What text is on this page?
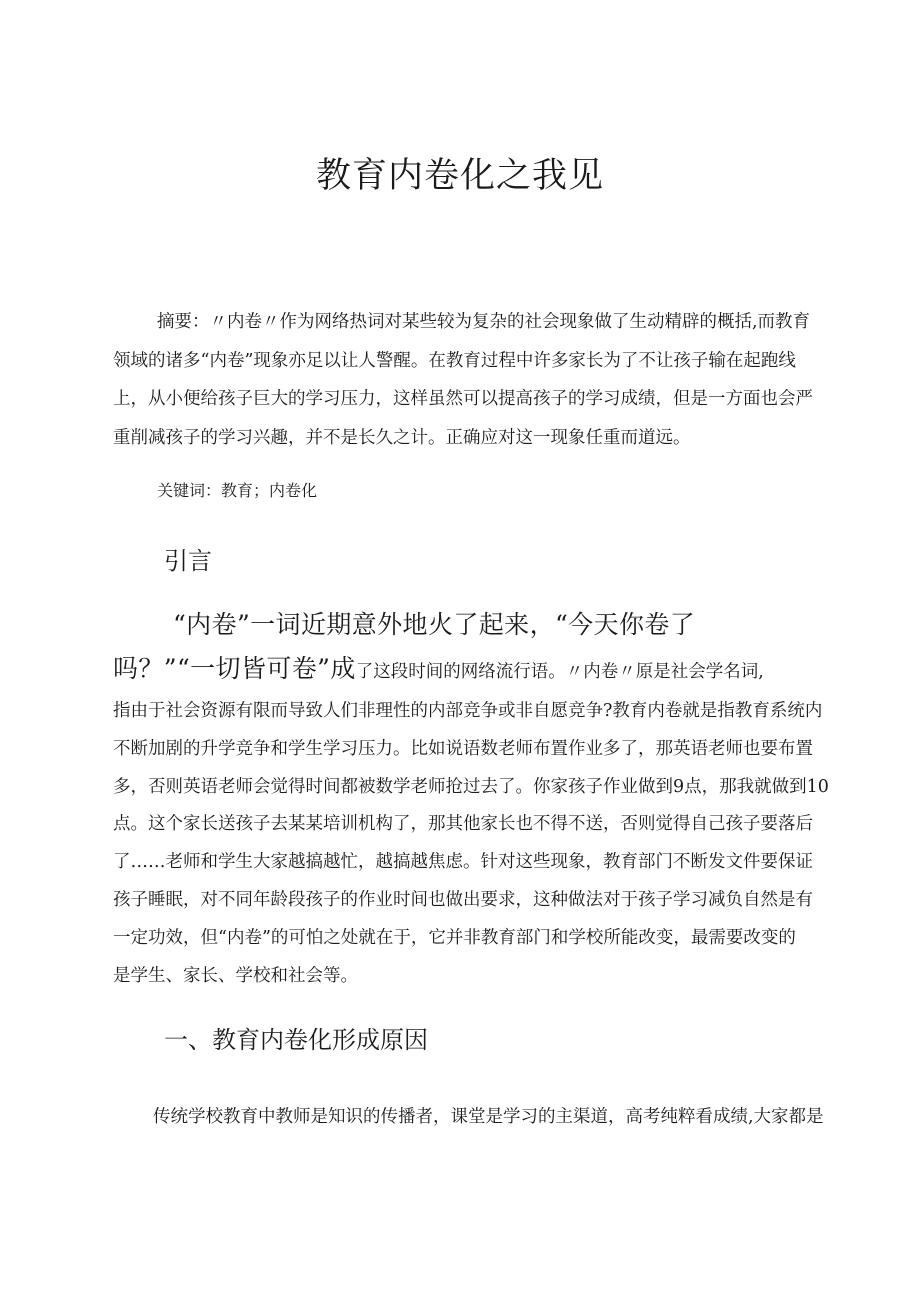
教育内卷化之我见

摘要：〃内卷〃作为网络热词对某些较为复杂的社会现象做了生动精辟的概括,而教育领域的诸多“内卷”现象亦足以让人警醒。在教育过程中许多家长为了不让孩子输在起跑线上，从小便给孩子巨大的学习压力，这样虽然可以提高孩子的学习成绩，但是一方面也会严重削减孩子的学习兴趣，并不是长久之计。正确应对这一现象任重而道远。

关键词：教育；内卷化
引言
“内卷”一词近期意外地火了起来，“今天你卷了
吗？”“一切皆可卷”成了这段时间的网络流行语。〃内卷〃原是社会学名词,
指由于社会资源有限而导致人们非理性的内部竞争或非自愿竞争?教育内卷就是指教育系统内
不断加剧的升学竞争和学生学习压力。比如说语数老师布置作业多了，那英语老师也要布置
多，否则英语老师会觉得时间都被数学老师抢过去了。你家孩子作业做到9点，那我就做到10
点。这个家长送孩子去某某培训机构了，那其他家长也不得不送，否则觉得自己孩子要落后
了……老师和学生大家越搞越忙，越搞越焦虑。针对这些现象，教育部门不断发文件要保证
孩子睡眠，对不同年龄段孩子的作业时间也做出要求，这种做法对于孩子学习减负自然是有
一定功效，但“内卷”的可怕之处就在于，它并非教育部门和学校所能改变，最需要改变的
是学生、家长、学校和社会等。
一、教育内卷化形成原因
传统学校教育中教师是知识的传播者，课堂是学习的主渠道，高考纯粹看成绩,大家都是
